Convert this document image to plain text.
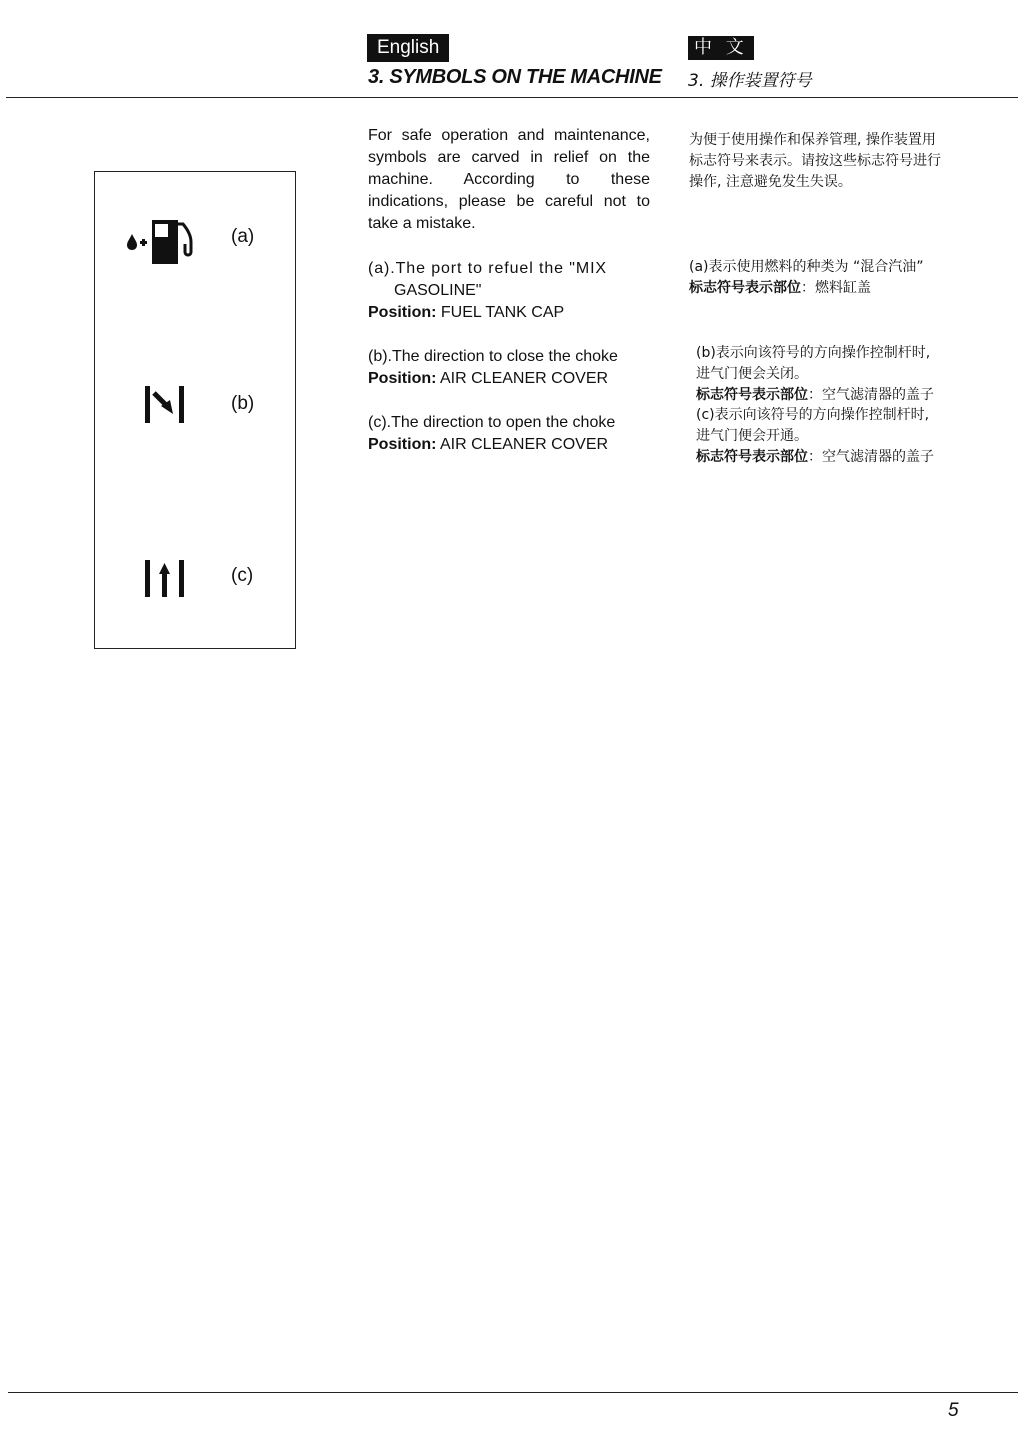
English	中 文
3. SYMBOLS ON THE MACHINE 3. 操作装置符号
(a)
(b)
(c)
For safe operation and maintenance, symbols are carved in relief on the machine. According to these indications, please be careful not to take a mistake.
(a).The port to refuel the "MIX
GASOLINE"
Position: FUEL TANK CAP
(b).The direction to close the choke
Position: AIR CLEANER COVER
(c).The direction to open the choke
Position: AIR CLEANER COVER
为便于使用操作和保养管理, 操作装置用
标志符号来表示。请按这些标志符号进行
操作, 注意避免发生失误。
(a)表示使用燃料的种类为 “混合汽油”
标志符号表示部位：燃料缸盖
(b)表示向该符号的方向操作控制杆时,
进气门便会关闭。
标志符号表示部位：空气滤清器的盖子
(c)表示向该符号的方向操作控制杆时,
进气门便会开通。
标志符号表示部位：空气滤清器的盖子
5
